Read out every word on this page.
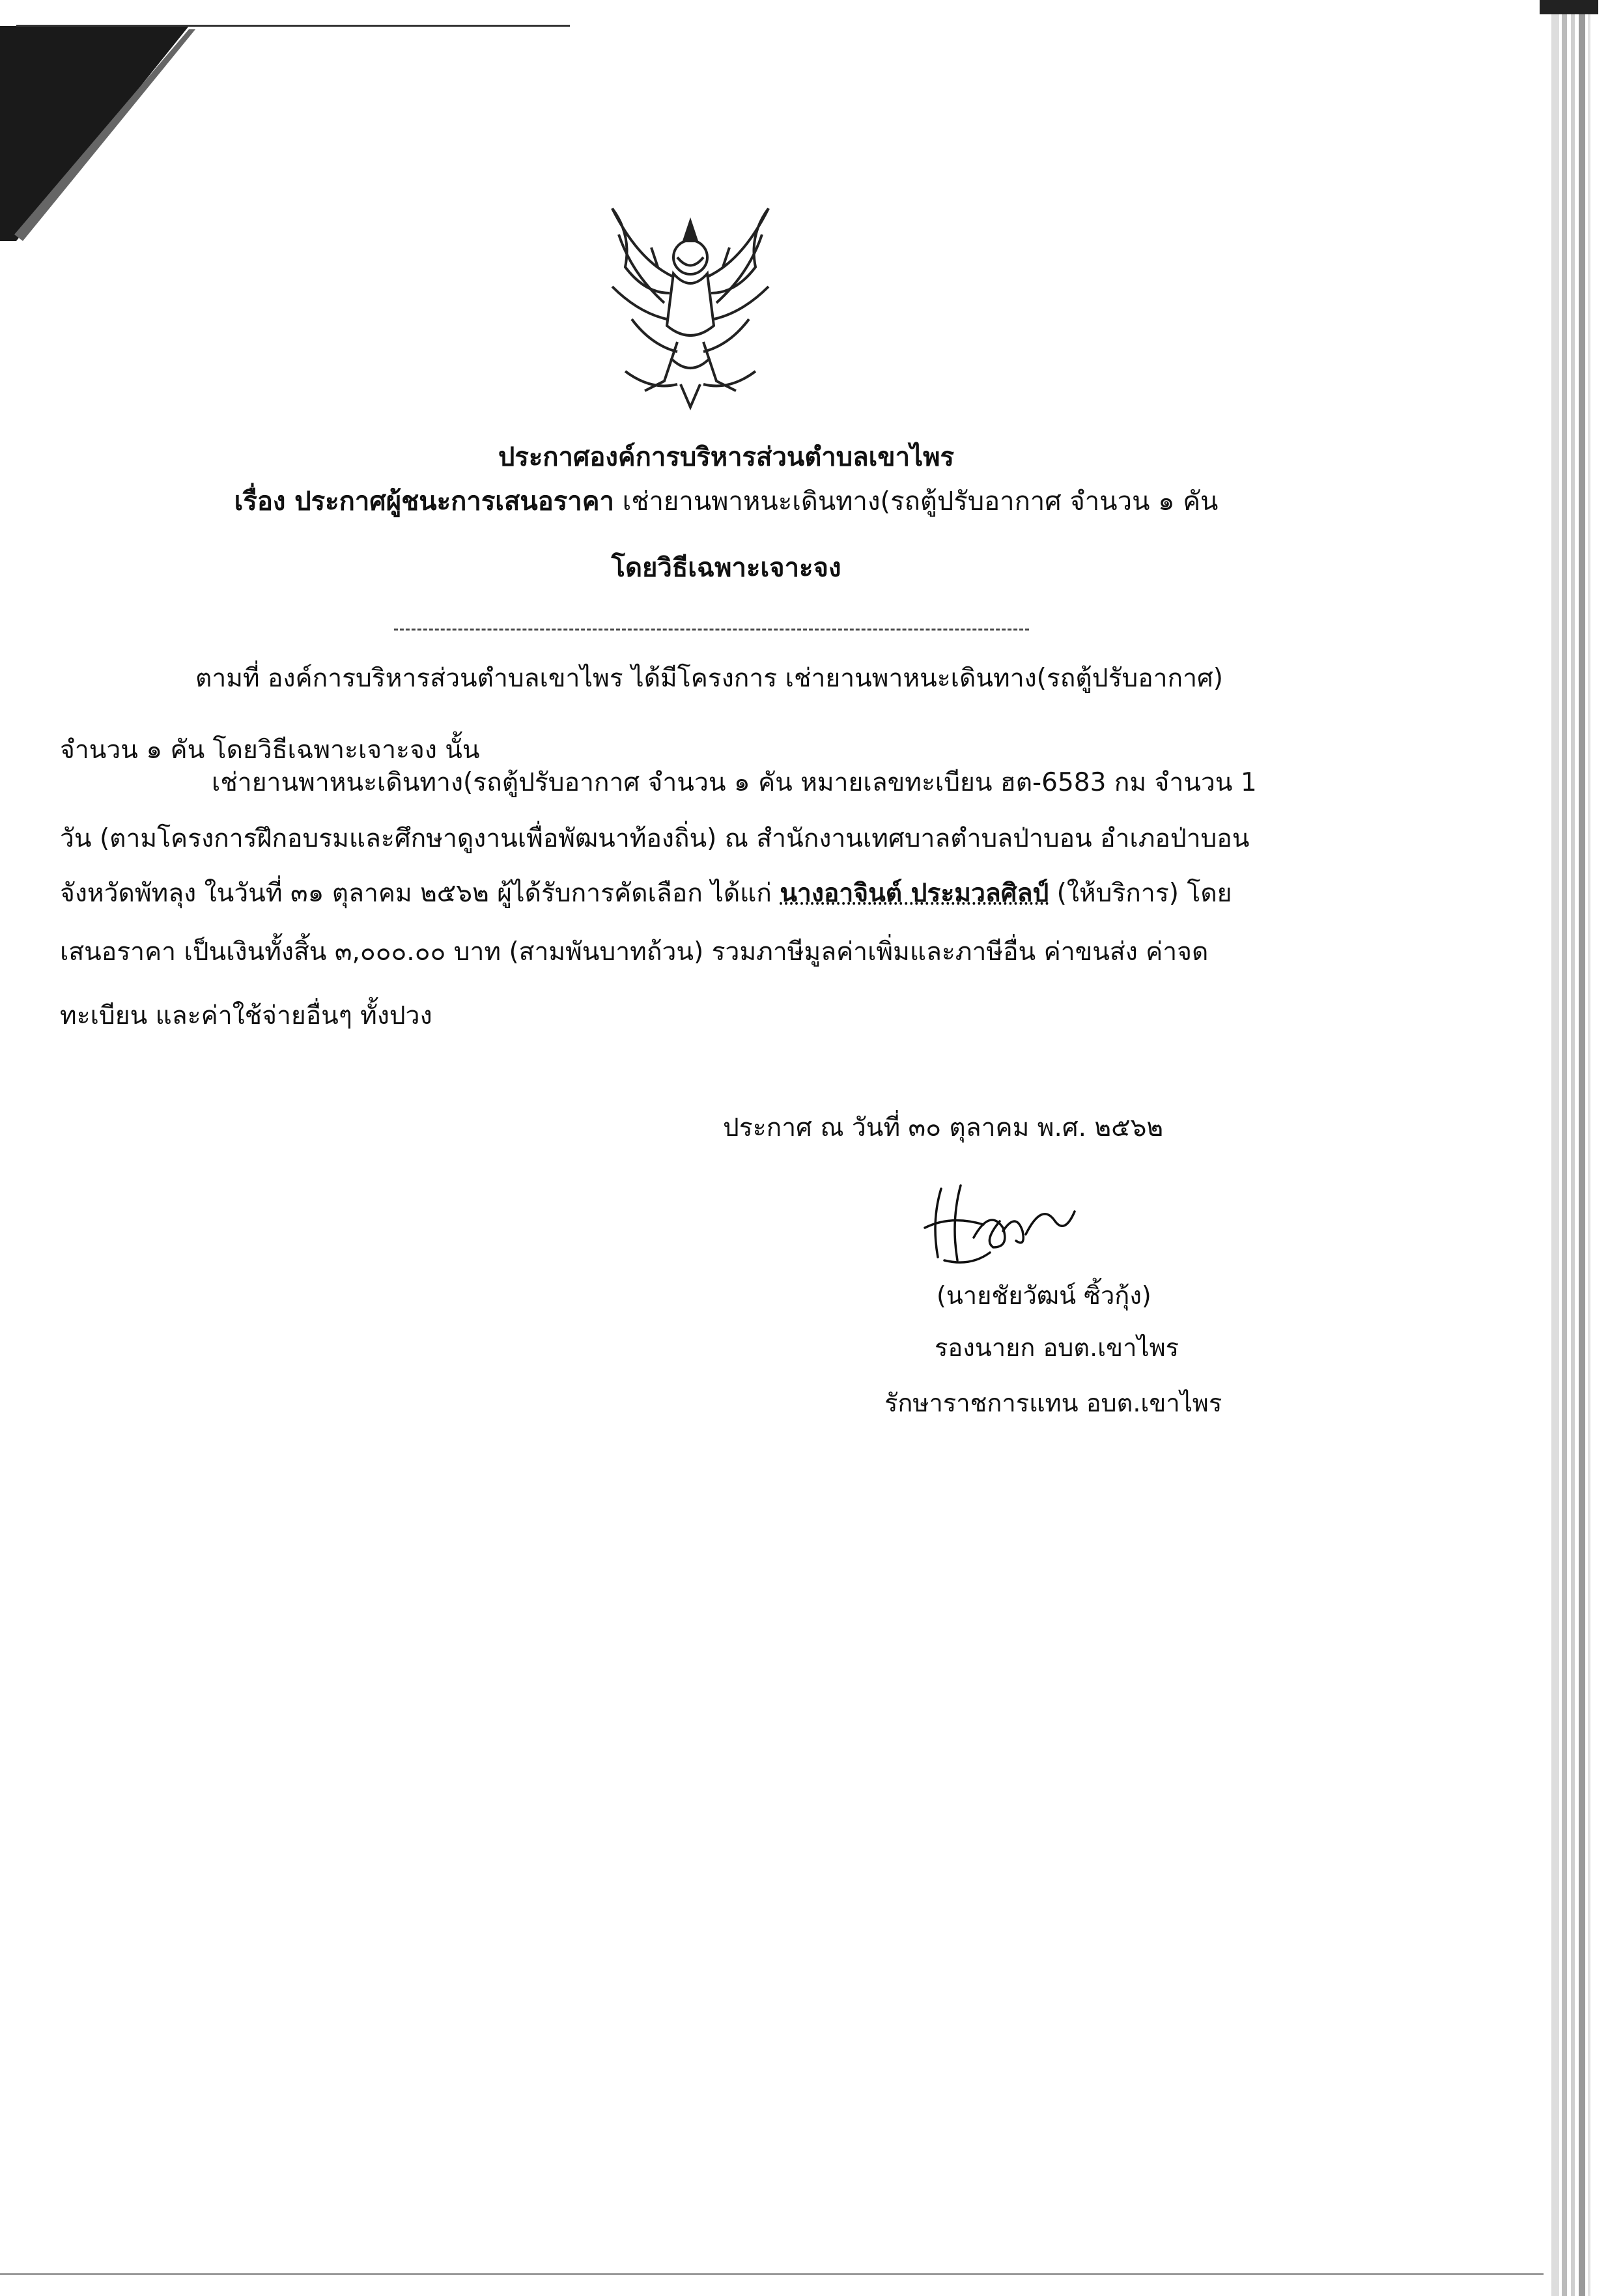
ประกาศองค์การบริหารส่วนตำบลเขาไพร
เรื่อง ประกาศผู้ชนะการเสนอราคา เช่ายานพาหนะเดินทาง(รถตู้ปรับอากาศ จำนวน ๑ คัน
โดยวิธีเฉพาะเจาะจง
ตามที่ องค์การบริหารส่วนตำบลเขาไพร ได้มีโครงการ เช่ายานพาหนะเดินทาง(รถตู้ปรับอากาศ)
จำนวน ๑ คัน โดยวิธีเฉพาะเจาะจง นั้น
เช่ายานพาหนะเดินทาง(รถตู้ปรับอากาศ จำนวน ๑ คัน หมายเลขทะเบียน ฮต-6583 กม จำนวน 1
วัน (ตามโครงการฝึกอบรมและศึกษาดูงานเพื่อพัฒนาท้องถิ่น) ณ สำนักงานเทศบาลตำบลป่าบอน อำเภอป่าบอน
จังหวัดพัทลุง ในวันที่ ๓๑ ตุลาคม ๒๕๖๒ ผู้ได้รับการคัดเลือก ได้แก่ นางอาจินต์ ประมวลศิลป์ (ให้บริการ) โดย
เสนอราคา เป็นเงินทั้งสิ้น ๓,๐๐๐.๐๐ บาท (สามพันบาทถ้วน) รวมภาษีมูลค่าเพิ่มและภาษีอื่น ค่าขนส่ง ค่าจด
ทะเบียน และค่าใช้จ่ายอื่นๆ ทั้งปวง
ประกาศ ณ วันที่ ๓๐ ตุลาคม พ.ศ. ๒๕๖๒
(นายชัยวัฒน์ ซิ้วกุ้ง)
รองนายก อบต.เขาไพร
รักษาราชการแทน อบต.เขาไพร
